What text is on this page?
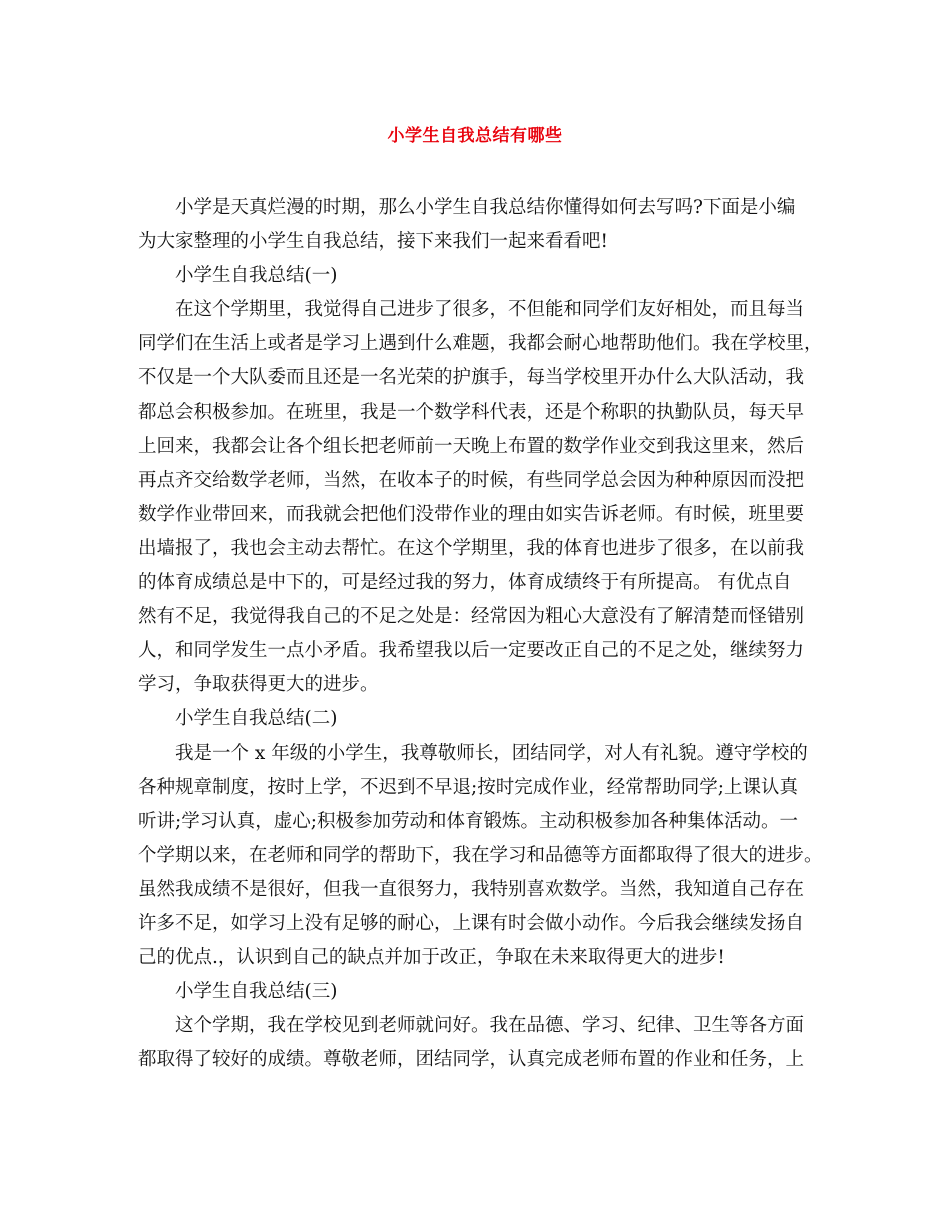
小学生自我总结有哪些
小学是天真烂漫的时期，那么小学生自我总结你懂得如何去写吗?下面是小编
为大家整理的小学生自我总结，接下来我们一起来看看吧!
小学生自我总结(一)
在这个学期里，我觉得自己进步了很多，不但能和同学们友好相处，而且每当
同学们在生活上或者是学习上遇到什么难题，我都会耐心地帮助他们。我在学校里，
不仅是一个大队委而且还是一名光荣的护旗手，每当学校里开办什么大队活动，我
都总会积极参加。在班里，我是一个数学科代表，还是个称职的执勤队员，每天早
上回来，我都会让各个组长把老师前一天晚上布置的数学作业交到我这里来，然后
再点齐交给数学老师，当然，在收本子的时候，有些同学总会因为种种原因而没把
数学作业带回来，而我就会把他们没带作业的理由如实告诉老师。有时候，班里要
出墙报了，我也会主动去帮忙。在这个学期里，我的体育也进步了很多，在以前我
的体育成绩总是中下的，可是经过我的努力，体育成绩终于有所提高。 有优点自
然有不足，我觉得我自己的不足之处是：经常因为粗心大意没有了解清楚而怪错别
人，和同学发生一点小矛盾。我希望我以后一定要改正自己的不足之处，继续努力
学习，争取获得更大的进步。
小学生自我总结(二)
我是一个 x 年级的小学生，我尊敬师长，团结同学，对人有礼貌。遵守学校的
各种规章制度，按时上学，不迟到不早退;按时完成作业，经常帮助同学;上课认真
听讲;学习认真，虚心;积极参加劳动和体育锻炼。主动积极参加各种集体活动。一
个学期以来，在老师和同学的帮助下，我在学习和品德等方面都取得了很大的进步。
虽然我成绩不是很好，但我一直很努力，我特别喜欢数学。当然，我知道自己存在
许多不足，如学习上没有足够的耐心，上课有时会做小动作。今后我会继续发扬自
己的优点.，认识到自己的缺点并加于改正，争取在未来取得更大的进步!
小学生自我总结(三)
这个学期，我在学校见到老师就问好。我在品德、学习、纪律、卫生等各方面
都取得了较好的成绩。尊敬老师，团结同学，认真完成老师布置的作业和任务，上
